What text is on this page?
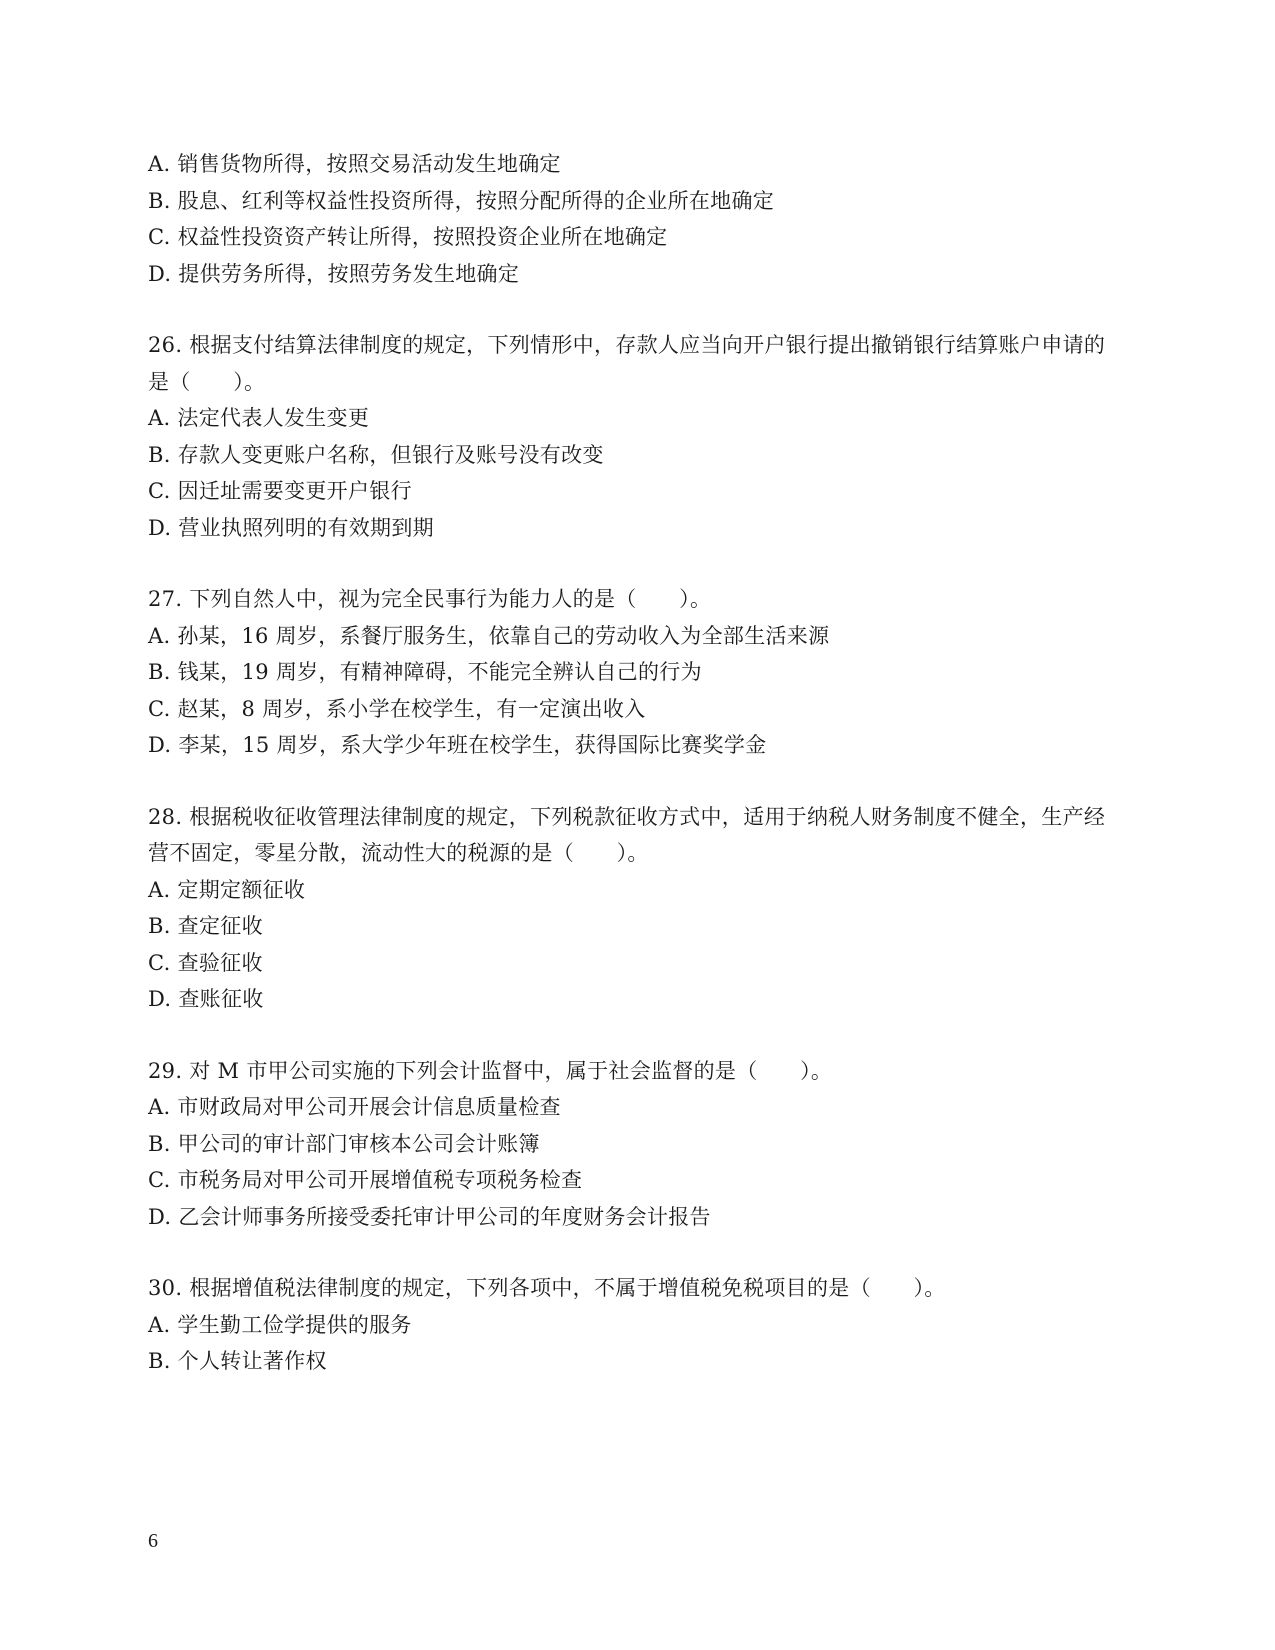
A. 销售货物所得，按照交易活动发生地确定
B. 股息、红利等权益性投资所得，按照分配所得的企业所在地确定
C. 权益性投资资产转让所得，按照投资企业所在地确定
D. 提供劳务所得，按照劳务发生地确定
26. 根据支付结算法律制度的规定，下列情形中，存款人应当向开户银行提出撤销银行结算账户申请的
是（　　）。
A. 法定代表人发生变更
B. 存款人变更账户名称，但银行及账号没有改变
C. 因迁址需要变更开户银行
D. 营业执照列明的有效期到期
27. 下列自然人中，视为完全民事行为能力人的是（　　）。
A. 孙某，16 周岁，系餐厅服务生，依靠自己的劳动收入为全部生活来源
B. 钱某，19 周岁，有精神障碍，不能完全辨认自己的行为
C. 赵某，8 周岁，系小学在校学生，有一定演出收入
D. 李某，15 周岁，系大学少年班在校学生，获得国际比赛奖学金
28. 根据税收征收管理法律制度的规定，下列税款征收方式中，适用于纳税人财务制度不健全，生产经
营不固定，零星分散，流动性大的税源的是（　　）。
A. 定期定额征收
B. 查定征收
C. 查验征收
D. 查账征收
29. 对 M 市甲公司实施的下列会计监督中，属于社会监督的是（　　）。
A. 市财政局对甲公司开展会计信息质量检查
B. 甲公司的审计部门审核本公司会计账簿
C. 市税务局对甲公司开展增值税专项税务检查
D. 乙会计师事务所接受委托审计甲公司的年度财务会计报告
30. 根据增值税法律制度的规定，下列各项中，不属于增值税免税项目的是（　　）。
A. 学生勤工俭学提供的服务
B. 个人转让著作权
6
